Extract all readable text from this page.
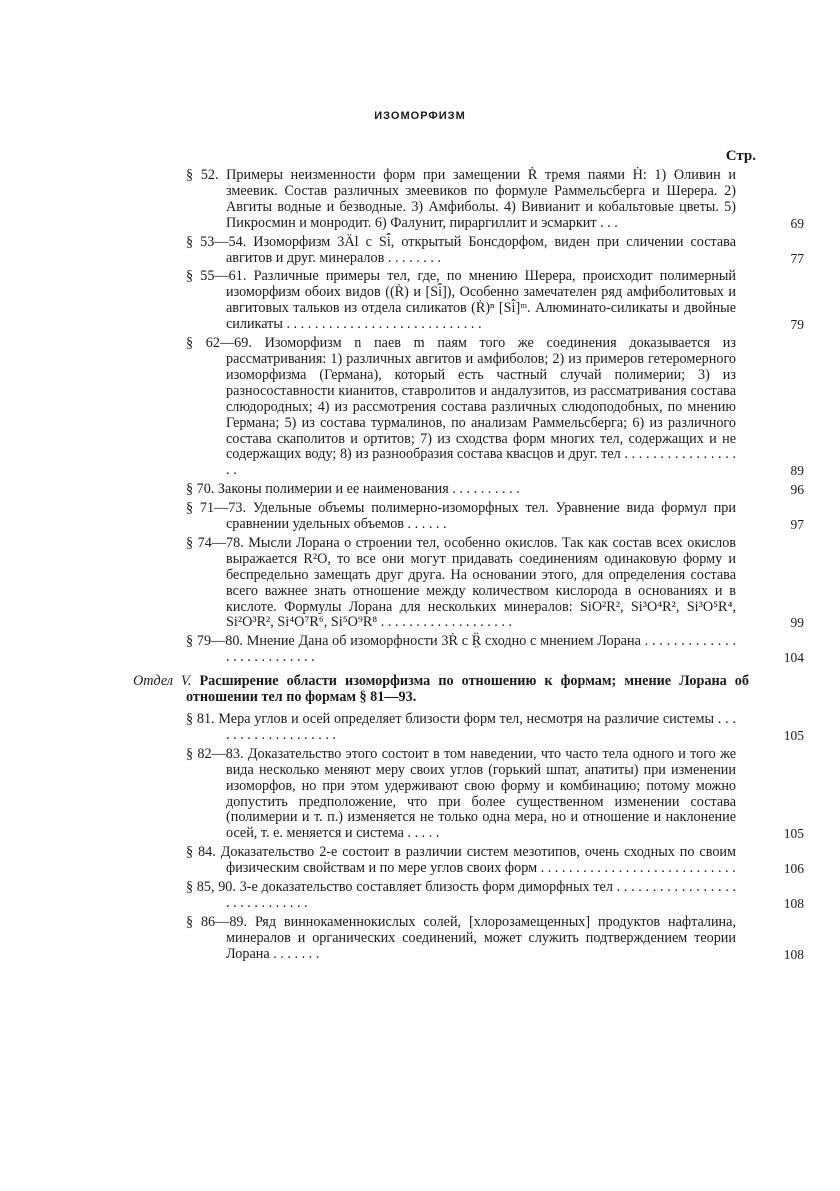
ИЗОМОРФИЗМ
Стр.
§ 52. Примеры неизменности форм при замещении Ṙ тремя паями Ḣ: 1) Оливин и змеевик. Состав различных змеевиков по формуле Раммельсберга и Шерера. 2) Авгиты водные и безводные. 3) Амфиболы. 4) Вивианит и кобальтовые цветы. 5) Пикросмин и монродит. 6) Фалунит, пираргиллит и эсмаркит . . .	69
§ 53—54. Изоморфизм 3Äl с Si̇̈, открытый Бонсдорфом, виден при сличении состава авгитов и друг. минералов . . . . . . . .	77
§ 55—61. Различные примеры тел, где, по мнению Шерера, происходит полимерный изоморфизм обоих видов ((Ṙ) и [Si̇̈]), Особенно замечателен ряд амфиболитовых и авгитовых тальков из отдела силикатов (Ṙ)ⁿ [Si̇̈]ᵐ. Алюминато-силикаты и двойные силикаты . . . . . . . . . . . . . . . . . . . . . . . . . . . .	79
§ 62—69. Изоморфизм n паев m паям того же соединения доказывается из рассматривания: 1) различных авгитов и амфиболов; 2) из примеров гетеромерного изоморфизма (Германа), который есть частный случай полимерии; 3) из разносоставности кианитов, ставролитов и андалузитов, из рассматривания состава слюдородных; 4) из рассмотрения состава различных слюдоподобных, по мнению Германа; 5) из состава турмалинов, по анализам Раммельсберга; 6) из различного состава скаполитов и ортитов; 7) из сходства форм многих тел, содержащих и не содержащих воду; 8) из разнообразия состава квасцов и друг. тел . . . . . . . . . . . . . . . . . .	89
§ 70. Законы полимерии и ее наименования . . . . . . . . . .	96
§ 71—73. Удельные объемы полимерно-изоморфных тел. Уравнение вида формул при сравнении удельных объемов . . . . . .	97
§ 74—78. Мысли Лорана о строении тел, особенно окислов. Так как состав всех окислов выражается R²O, то все они могут придавать соединениям одинаковую форму и беспредельно замещать друг друга. На основании этого, для определения состава всего важнее знать отношение между количеством кислорода в основаниях и в кислоте. Формулы Лорана для нескольких минералов: SiO²R², Si³O⁴R², Si³O⁵R⁴, Si²O³R², Si⁴O⁷R⁶, Si⁵O⁹R⁸ . . . . . . . . . . . . . . . . . . .	99
§ 79—80. Мнение Дана об изоморфности 3Ṙ с R̤̈ сходно с мнением Лорана . . . . . . . . . . . . . . . . . . . . . . . . . .	104
Отдел V. Расширение области изоморфизма по отношению к формам; мнение Лорана об отношении тел по формам § 81—93.
§ 81. Мера углов и осей определяет близости форм тел, несмотря на различие системы . . . . . . . . . . . . . . . . . . .	105
§ 82—83. Доказательство этого состоит в том наведении, что часто тела одного и того же вида несколько меняют меру своих углов (горький шпат, апатиты) при изменении изоморфов, но при этом удерживают свою форму и комбинацию; потому можно допустить предположение, что при более существенном изменении состава (полимерии и т. п.) изменяется не только одна мера, но и отношение и наклонение осей, т. е. меняется и система . . . . .	105
§ 84. Доказательство 2-е состоит в различии систем мезотипов, очень сходных по своим физическим свойствам и по мере углов своих форм . . . . . . . . . . . . . . . . . . . . . . . . . . . .	106
§ 85, 90. 3-е доказательство составляет близость форм диморфных тел . . . . . . . . . . . . . . . . . . . . . . . . . . . . .	108
§ 86—89. Ряд виннокаменнокислых солей, [хлорозамещенных] продуктов нафталина, минералов и органических соединений, может служить подтверждением теории Лорана . . . . . . .	108
